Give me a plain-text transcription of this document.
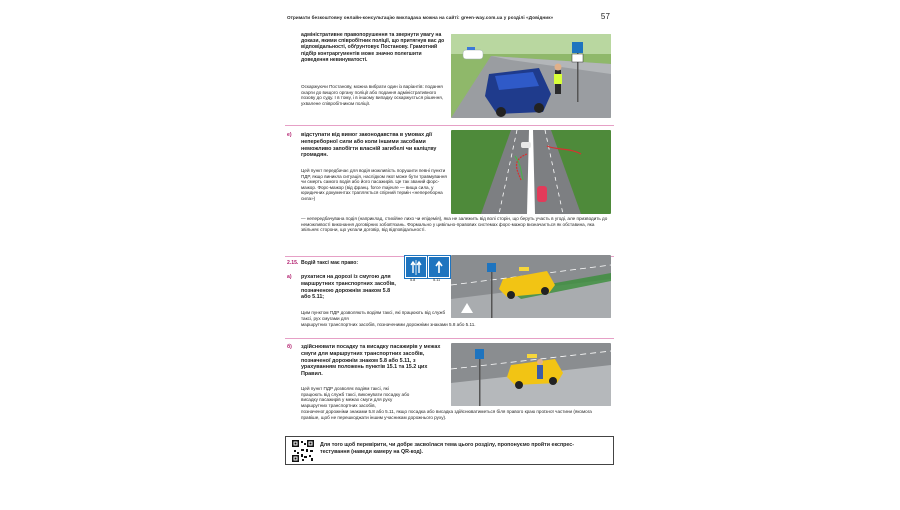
Отримати безкоштовну онлайн-консультацію викладача можна на сайті: green-way.com.ua у розділі «Довідник»	57
адміністративне правопорушення та звернути увагу на докази, якими співробітник поліції, що притягнув вас до відповідальності, обґрунтовує Постанову. Грамотний підбір контраргументів може значно полегшити доведення невинуватості.
Оскаржуючи Постанову, можна вибрати один із варіантів: подання скарги до вищого органу поліції або подання адміністративного позову до суду. І в тому, і в іншому випадку оскаржується рішення, ухвалене співробітником поліції.
е) відступати від вимог законодавства в умовах дії непереборної сили або коли іншими засобами неможливо запобігти власній загибелі чи каліцтву громадян.
Цей пункт передбачає для водія можливість порушити певні пункти ПДР, якщо виникла ситуація, наслідком якої може бути травмування чи смерть самого водія або його пасажирів. Це так званий форс-мажор. Форс-мажор (від франц. force majeure — вища сила, у юридичних документах трапляється спірний термін «непереборна сила»)
— непередбачувана подія (наприклад, стихійне лихо чи епідемія), яка не залежить від волі сторін, що беруть участь в угоді, але призводить до неможливості виконання договірних зобов'язань. Формально у цивільно-правових системах форс-мажор визначається як обставина, яка звільняє сторони, що уклали договір, від відповідальності.
2.15. Водій таксі має право:
а) рухатися на дорозі із смугою для маршрутних транспортних засобів, позначеною дорожнім знаком 5.8 або 5.11;
5.8	5.11
Цим пунктом ПДР дозволяють водіям таксі, які працюють від служб таксі, рух смугами для
маршрутних транспортних засобів, позначеними дорожніми знаками 5.8 або 5.11.
б) здійснювати посадку та висадку пасажирів у межах смуги для маршрутних транспортних засобів, позначеної дорожнім знаком 5.8 або 5.11, з урахуванням положень пунктів 15.1 та 15.2 цих Правил.
Цей пункт ПДР дозволяє водіям таксі, які працюють від служб таксі, виконувати посадку або висадку пасажирів у межах смуги для руху маршрутних транспортних засобів,
позначеної дорожніми знаками 5.8 або 5.11, якщо посадка або висадка здійснюватиметься біля правого краю проїзної частини (якомога правіше, щоб не перешкоджати іншим учасникам дорожнього руху).
Для того щоб перевірити, чи добре засвоїлася тема цього розділу, пропонуємо пройти експрес-тестування (наведи камеру на QR-код).
